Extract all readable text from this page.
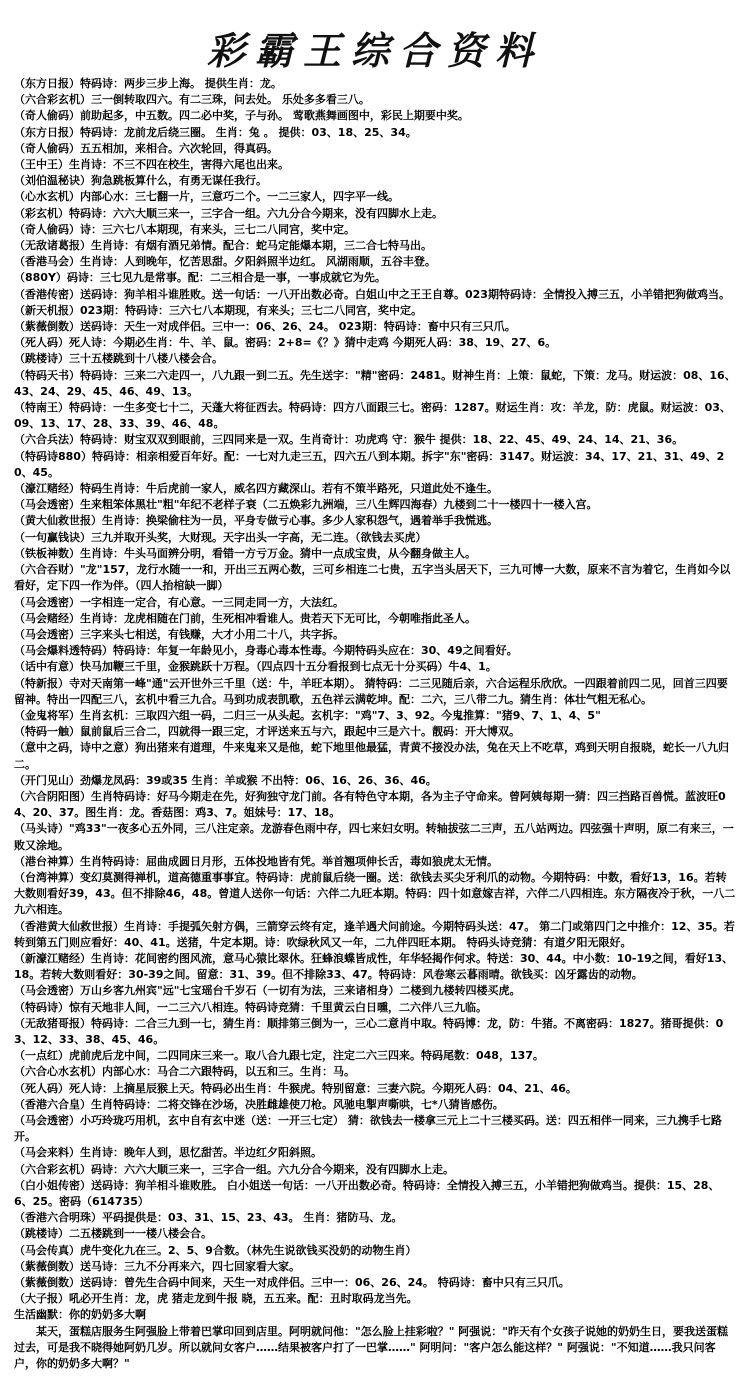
彩霸王综合资料
（东方日报）特码诗：两步三步上海。 提供生肖：龙。
（六合彩玄机）三一倒转取四六。有二三珠，问去处。 乐处多多看三八。
（奇人偷码）前助起多，中五数。四二必中奖，子与孙。 莺歌燕舞画图中，彩民上期要中奖。
（东方日报）特码诗：龙前龙后绕三圈。 生肖：兔 。 提供：03、18、25、34。
（奇人偷码）五五相加，来相合。六次轮回，得真码。
（王中王）生肖诗：不三不四在校生，害得六尾也出来。
（刘伯温秘诀）狗急跳板算什么，有勇无谋任我行。
（心水玄机）内部心水：三七翻一片，三意巧二个。一二三家人，四字平一线。
（彩玄机）特码诗：六六大顺三来一，三字合一组。六九分合今期来，没有四脚水上走。
（奇人偷码）诗：三六七八本期现，有来头，三七二八同宫，奖中定。
（无敌诸葛报）生肖诗：有烟有酒兄弟情。配合：蛇马定能爆本期，三二合七特马出。
（香港马会）生肖诗：人到晚年，忆苦思甜。夕阳斜照半边红。 风湖雨顺，五谷丰登。
（880Y）码诗：三七见九是常事。配：二三相合是一事，一事成就它为先。
（香港传密）送码诗：狗羊相斗谁胜败。送一句话：一八开出数必奇。白姐山中之王王自尊。023期特码诗：全情投入搏三五，小羊错把狗做鸡当。
（新天机报）023期：特码诗：三六七八本期现，有来头；三七二八同宫，奖中定。
（紫薇倒数）送码诗：天生一对成伴侣。三中一：06、26、24。 023期：特码诗：畜中只有三只爪。
（死人码）死人诗：今期必生肖：牛、羊、鼠。密码：2+8=《？》猜中走鸡 今期死人码：38、19、27、6。
（跳楼诗）三十五楼跳到十八楼八楼会合。
（特码天书）特码诗：三来二六走四一，八九跟一到二五。先生送字："精"密码：2481。财神生肖：上策：鼠蛇，下策：龙马。财运波：08、16、43、24、29、45、46、49、13。
（特南王）特码诗：一生多变七十二，天蓬大将征西去。特码诗：四方八面跟三七。密码：1287。财运生肖：攻：羊龙，防：虎鼠。财运波：03、09、13、17、28、33、39、46、48。
（六合兵法）特码诗：财宝双双到眼前，三四同来是一双。生肖奇计：功虎鸡 守：猴牛 提供：18、22、45、49、24、14、21、36。
（特码诗880）特码诗：相亲相爱百年好。配：一七对九走三五，四六五八到本期。拆字"东"密码：3147。财运波：34、17、21、31、49、20、45。
（濠江赌经）特码生肖诗：牛后虎前一家人，威名四方藏深山。若有不策半路死，只道此处不逢生。
（马会透密）生来粗笨体黑壮"粗"年纪不老样子衰（二五焕彩九洲端，三八生辉四海春）九楼到二十一楼四十一楼入宫。
（黄大仙救世报）生肖诗：换梁偷柱为一员，平身专做亏心事。多少人家积怨气，遇着举手我慌逃。
（一句赢钱诀）三九并取开头奖，大财现。天字出头一字高，无二连。（欲钱去买虎）
（铁板神数）生肖诗：牛头马面辨分明，看错一方亏万金。猜中一点成宝贵，从今翻身做主人。
（六合吞财）"龙"157，龙行水随一一和，开出三五两心数，三可乡相连二七贵，五字当头居天下，三九可博一大数，原来不言为着它，生肖如今以看好，定下四一作为伴。（四人抬棺缺一脚）
（马会透密）一字相连一定合，有心意。一三同走同一方，大法红。
（马会赌经）生肖诗：龙虎相随在门前，生死相冲看谁人。贵若天下无可比，今朝唯指此圣人。
（马会透密）三字来头七相送，有钱赚，大才小用二十八，共字拆。
（马会爆料透特码）特码诗：年复一年龄见小，身毒心毒本性毒。今期特码头应在：30、49之间看好。
（话中有意）快马加鞭三千里，金猴跳跃十万程。（四点四十五分看报到七点无十分买码）牛4、1。
（特新报）寺对天南第一峰"通"云开世外三千里（送：牛，羊旺本期）。 猜特码：二三见随后亲，六合运程乐欣欣。一四跟着前四二见，回首三四要留神。特出一四配三八，玄机中看三九合。马到功成表凯歌，五色祥云满乾坤。配：二六，三八带二九。猜生肖：体壮气粗无私心。
（金鬼将军）生肖玄机：三取四六组一码，二归三一从头起。玄机字："鸡"7、3、92。今鬼推算："猪9、7、1、4、5"
（特码一触）鼠前鼠后三合二，四就得一跟三定，才评送来五与六，跟起中三是六十。靓码：开大博双。
（意中之码，诗中之意）狗出猪来有道理，牛来鬼来又是他，蛇下地里他最猛，青黄不接没办法，兔在天上不吃草，鸡到天明自报晓，蛇长一八九归二。
（开门见山）劲爆龙凤码：39或35 生肖：羊或猴 不出特：06、16、26、36、46。
（六合阴阳图）生肖特码诗：好马今期走在先，好狗独守龙门前。各有特色守本期，各为主子守命来。曾阿姨每期一猜：四三挡路百兽慌。蓝波旺04、20、37。图生肖：龙。香菇图：鸡3、7。姐妹号：17、18。
（马头诗）"鸡33"一夜多心五外同，三八注定亲。龙游春色雨中存，四七来妇女明。转轴拔弦二三声，五八站两边。四弦强十声明，原二有来三，一败又涂地。
（港台神算）生肖特码诗：屈曲成圆日月形，五体投地皆有凭。举首翘项伸长舌，毒如狼虎太无情。
（台湾神算）变幻莫测得禅机，道高德重事事宜。特码诗：虎前鼠后绕一圈。送：欲钱去买尖牙利爪的动物。今期特码：中数，看好13，16。若转大数则看好39，43。但不排除46，48。曾道人送你一句话：六伴二九旺本期。特码：四十如意嫁吉祥，六伴二八四相连。东方隔夜冷于秋，一八二九六相连。
（香港黄大仙救世报）生肖诗：手提弧矢射方偶，三箭穿云终有定，逢羊遇犬问前途。今期特码头送：47。 第二门或第四门之中推介：12、35。若转到第五门则应看好：40、41。送猪，牛定本期。诗：吹绿秋风又一年，二九伴四旺本期。 特码头诗竞猜：有道夕阳无限好。
（新濠江赌经）生肖诗：花间密约图风流，意马心猿比翠休。狂蜂浪蝶皆成性，年华轻揭作何求。特送：30、44。中小数：10-19之间，看好13、18。若转大数则看好：30-39之间。留意：31、39。但不排除33、47。特码诗：风卷寒云暮雨晴。欲钱买：凶牙露齿的动物。
（马会透密）万山乡客九州宾"远"七宝瑶台千岁石（一切有为法，三来诸相身）二楼到九楼转四楼买虎。
（特码诗）惊有天地非人间，一二三六八相连。特码诗竞猜：千里黄云白日曛，二六伴八三九临。
（无敌猪哥报）特码诗：二合三九到一七，猜生肖：顺排第三倒为一，三心二意肖中取。特码博：龙，防：牛猪。不离密码：1827。猪哥提供：03、12、33、38、45、46。
（一点红）虎前虎后龙中间，二四同床三来一。取八合九跟七定，注定二六三四来。特码尾数：048，137。
（六合心水玄机）内部心水：马合二六跟特码，以五和三。生肖：马。
（死人码）死人诗：上摘星辰猴上天。特码必出生肖：牛猴虎。特别留意：三妻六院。今期死人码：04、21、46。
（香港六合皇）生肖特码诗：二将交锋在沙场，决胜雌雄使刀枪。风驰电掣声嘶哄，七*八猜皆感伤。
（马会透密）小巧玲珑巧用机，玄中自有玄中迷（送：一开三七定） 猜：欲钱去一楼拿三元上二十三楼买码。送：四五相伴一同来，三九携手七路开。
（马会来料）生肖诗：晚年人到，思忆甜苦。半边红夕阳斜照。
（六合彩玄机）码诗：六六大顺三来一，三字合一组。六九分合今期来，没有四脚水上走。
（白小姐传密）送码诗：狗羊相斗谁败胜。 白小姐送一句话：一八开出数必奇。特码诗：全情投入搏三五，小羊错把狗做鸡当。提供：15、28、6、25。密码（614735）
（香港六合明珠）平码提供是：03、31、15、23、43。 生肖：猪防马、龙。
（跳楼诗）二五楼跳到一一楼八楼会合。
（马会传真）虎牛变化九在三。2、5、9合数。（林先生说欲钱买没奶的动物生肖）
（紫薇倒数）送马诗：三九不分再来六，四七回家看大家。
（紫薇倒数）送码诗：曾先生合码中间来，天生一对成伴侣。三中一：06、26、24。 特码诗：畜中只有三只爪。
（大子报）吼必开生肖：龙，虎 猪走龙到牛报 晓，五五来。配：丑时取码龙当先。
生活幽默：你的奶奶多大啊
某天，蛋糕店服务生阿强脸上带着巴掌印回到店里。阿明就问他："怎么脸上挂彩啦？" 阿强说："昨天有个女孩子说她的奶奶生日，要我送蛋糕过去，可是我不晓得她阿奶几岁。所以就问女客户……结果被客户打了一巴掌……" 阿明问："客户怎么能这样？" 阿强说："不知道……我只问客户，你的奶奶多大啊？"
